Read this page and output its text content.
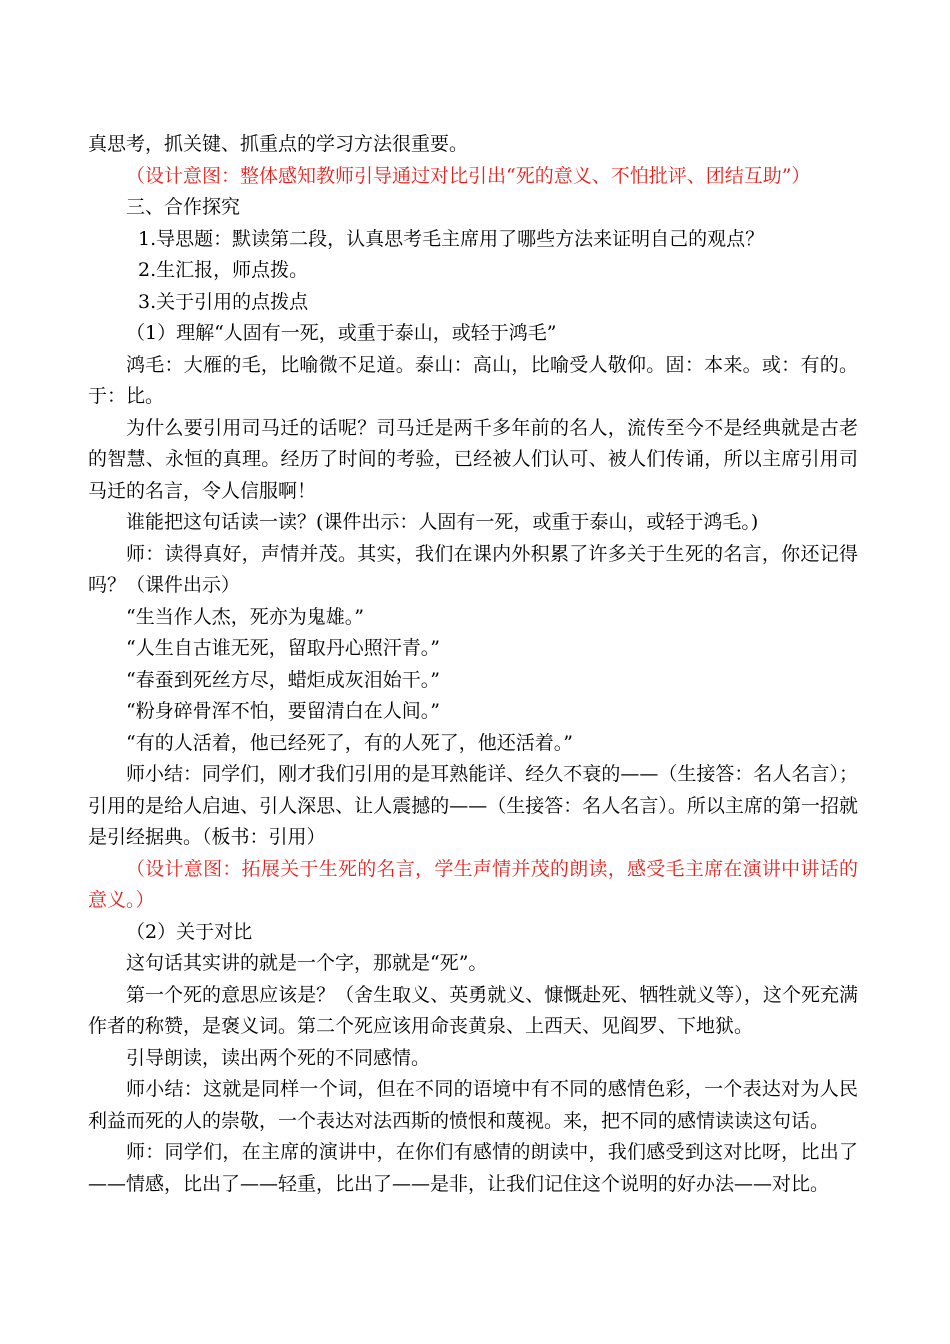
真思考，抓关键、抓重点的学习方法很重要。

（设计意图：整体感知教师引导通过对比引出“死的意义、不怕批评、团结互助”）

三、合作探究

1.导思题：默读第二段，认真思考毛主席用了哪些方法来证明自己的观点？

2.生汇报，师点拨。

3.关于引用的点拨点

（1）理解“人固有一死，或重于泰山，或轻于鸿毛”

鸿毛：大雁的毛，比喻微不足道。泰山：高山，比喻受人敬仰。固：本来。或：有的。于：比。

为什么要引用司马迁的话呢？司马迁是两千多年前的名人，流传至今不是经典就是古老的智慧、永恒的真理。经历了时间的考验，已经被人们认可、被人们传诵，所以主席引用司马迁的名言，令人信服啊！

谁能把这句话读一读？(课件出示：人固有一死，或重于泰山，或轻于鸿毛。)

师：读得真好，声情并茂。其实，我们在课内外积累了许多关于生死的名言，你还记得吗？（课件出示）

“生当作人杰，死亦为鬼雄。”

“人生自古谁无死，留取丹心照汗青。”

“春蚕到死丝方尽，蜡炬成灰泪始干。”

“粉身碎骨浑不怕，要留清白在人间。”

“有的人活着，他已经死了，有的人死了，他还活着。”

师小结：同学们，刚才我们引用的是耳熟能详、经久不衰的——（生接答：名人名言）；引用的是给人启迪、引人深思、让人震撼的——（生接答：名人名言）。所以主席的第一招就是引经据典。（板书：引用）

（设计意图：拓展关于生死的名言，学生声情并茂的朗读，感受毛主席在演讲中讲话的意义。）

（2）关于对比

这句话其实讲的就是一个字，那就是“死”。

第一个死的意思应该是？（舍生取义、英勇就义、慷慨赴死、牺牲就义等），这个死充满作者的称赞，是褒义词。第二个死应该用命丧黄泉、上西天、见阎罗、下地狱。

引导朗读，读出两个死的不同感情。

师小结：这就是同样一个词，但在不同的语境中有不同的感情色彩，一个表达对为人民利益而死的人的崇敬，一个表达对法西斯的愤恨和蔑视。来，把不同的感情读读这句话。

师：同学们，在主席的演讲中，在你们有感情的朗读中，我们感受到这对比呀，比出了——情感，比出了——轻重，比出了——是非，让我们记住这个说明的好办法——对比。
